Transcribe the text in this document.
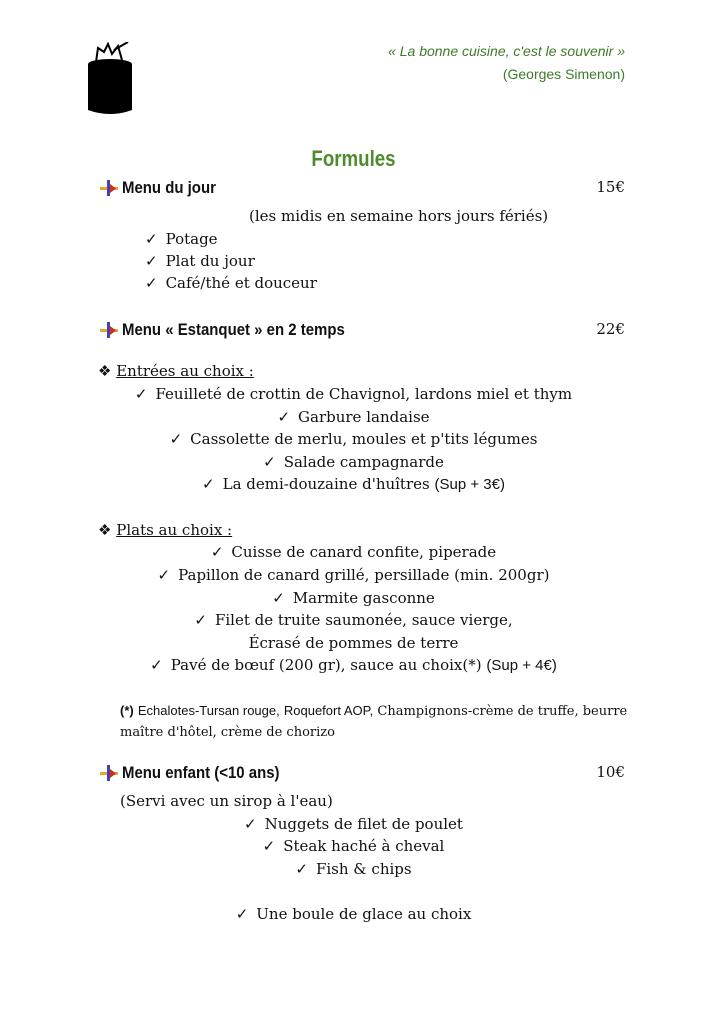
« La bonne cuisine, c'est le souvenir »
(Georges Simenon)
Formules
Menu du jour	15€
(les midis en semaine hors jours fériés)
✓ Potage
✓ Plat du jour
✓ Café/thé et douceur
Menu « Estanquet » en 2 temps	22€
❖ Entrées au choix :
✓ Feuilleté de crottin de Chavignol, lardons miel et thym
✓ Garbure landaise
✓ Cassolette de merlu, moules et p'tits légumes
✓ Salade campagnarde
✓ La demi-douzaine d'huîtres (Sup + 3€)
❖ Plats au choix :
✓ Cuisse de canard confite, piperade
✓ Papillon de canard grillé, persillade (min. 200gr)
✓ Marmite gasconne
✓ Filet de truite saumonée, sauce vierge,
Écrasé de pommes de terre
✓ Pavé de bœuf (200 gr), sauce au choix(*) (Sup + 4€)
(*) Echalotes-Tursan rouge, Roquefort AOP, Champignons-crème de truffe, beurre maître d'hôtel, crème de chorizo
Menu enfant (<10 ans)	10€
(Servi avec un sirop à l'eau)
✓ Nuggets de filet de poulet
✓ Steak haché à cheval
✓ Fish & chips
✓ Une boule de glace au choix
